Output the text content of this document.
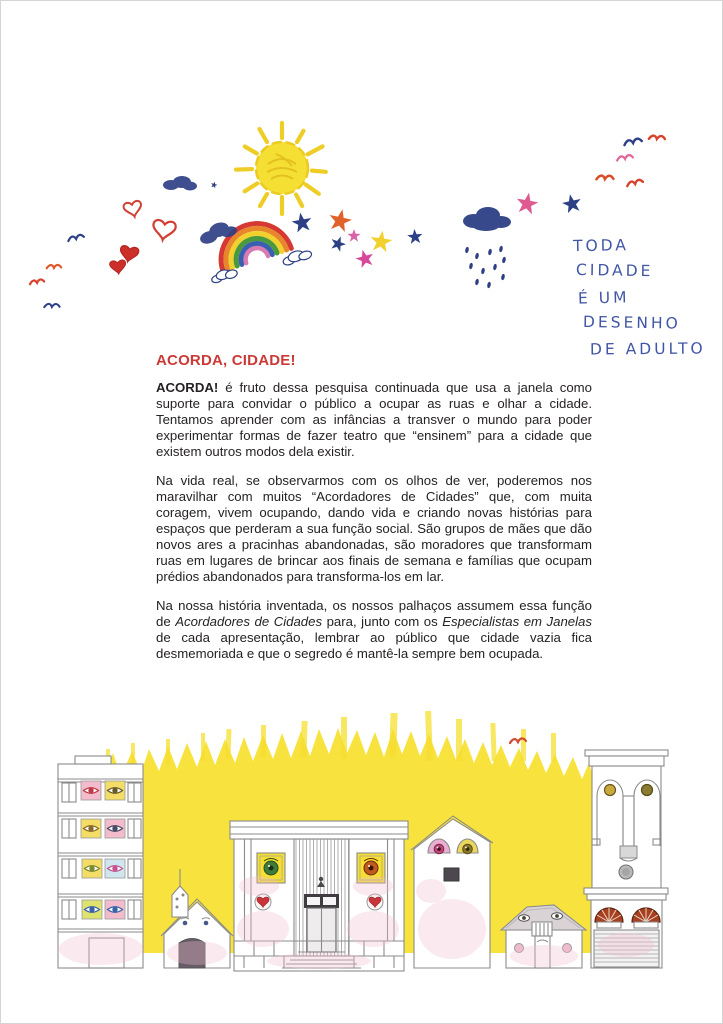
TODA
CIDADE
É UM
DESENHO
DE ADULTO
ACORDA, CIDADE!

ACORDA! é fruto dessa pesquisa continuada que usa a janela como suporte para convidar o público a ocupar as ruas e olhar a cidade. Tentamos aprender com as infâncias a transver o mundo para poder experimentar formas de fazer teatro que “ensinem” para a cidade que existem outros modos dela existir.

Na vida real, se observarmos com os olhos de ver, poderemos nos maravilhar com muitos “Acordadores de Cidades” que, com muita coragem, vivem ocupando, dando vida e criando novas histórias para espaços que perderam a sua função social. São grupos de mães que dão novos ares a pracinhas abandonadas, são moradores que transformam ruas em lugares de brincar aos finais de semana e famílias que ocupam prédios abandonados para transforma-los em lar.

Na nossa história inventada, os nossos palhaços assumem essa função de Acordadores de Cidades para, junto com os Especialistas em Janelas de cada apresentação, lembrar ao público que cidade vazia fica desmemoriada e que o segredo é mantê-la sempre bem ocupada.
